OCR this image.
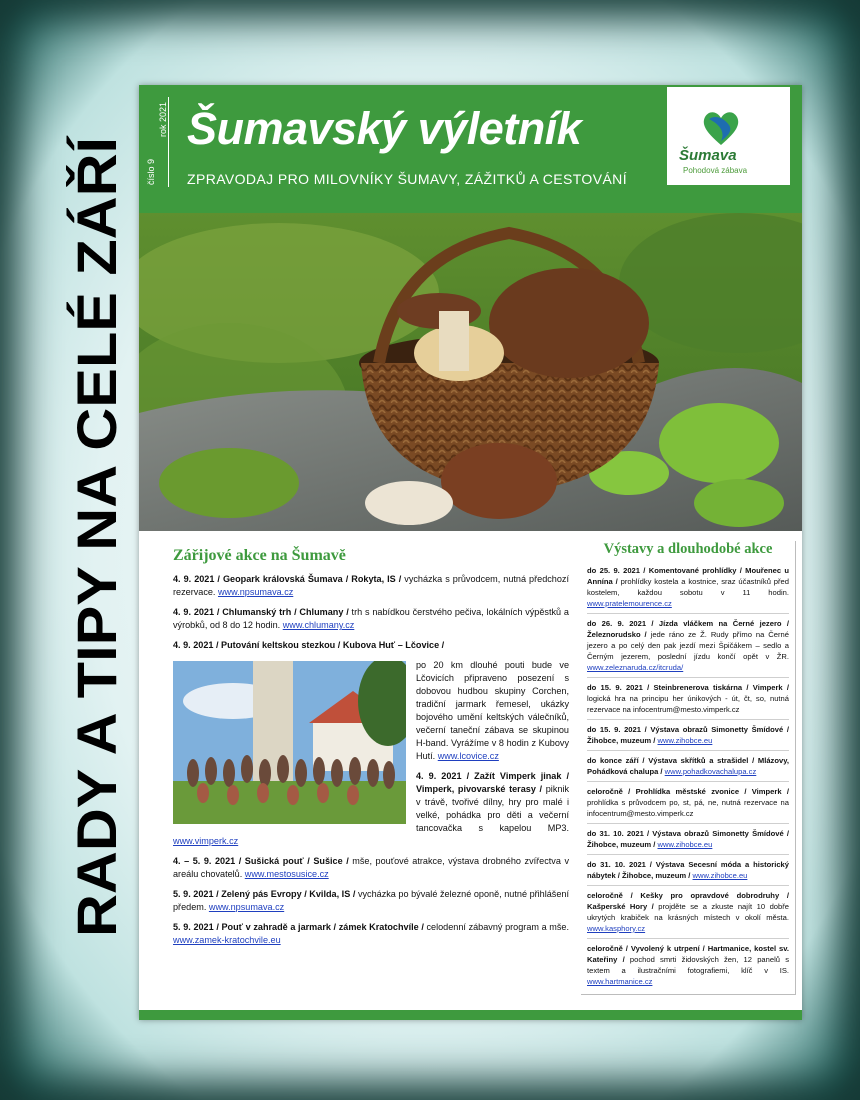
RADY A TIPY NA CELÉ ZÁŘÍ
číslo 9
rok 2021 Šumavský výletník
ZPRAVODAJ PRO MILOVNÍKY ŠUMAVY, ZÁŽITKŮ A CESTOVÁNÍ
Šumava
Pohodová zábava
Zářijové akce na Šumavě
4. 9. 2021 / Geopark královská Šumava / Rokyta, IS / vycházka s průvodcem, nutná předchozí rezervace. www.npsumava.cz
4. 9. 2021 / Chlumanský trh / Chlumany / trh s nabídkou čerstvého pečiva, lokálních výpěstků a výrobků, od 8 do 12 hodin. www.chlumany.cz
4. 9. 2021 / Putování keltskou stezkou / Kubova Huť – Lčovice /
po 20 km dlouhé pouti bude ve Lčovicích připraveno posezení s dobovou hudbou skupiny Corchen, tradiční jarmark řemesel, ukázky bojového umění keltských válečníků, večerní taneční zábava se skupinou H-band. Vyrážíme v 8 hodin z Kubovy Hutí. www.lcovice.cz
4. 9. 2021 / Zažít Vimperk jinak / Vimperk, pivovarské terasy / piknik v trávě, tvořivé dílny, hry pro malé i velké, pohádka pro děti a večerní tancovačka s kapelou MP3. www.vimperk.cz
4. – 5. 9. 2021 / Sušická pouť / Sušice / mše, pouťové atrakce, výstava drobného zvířectva v areálu chovatelů. www.mestosusice.cz
5. 9. 2021 / Zelený pás Evropy / Kvilda, IS / vycházka po bývalé železné oponě, nutné přihlášení předem. www.npsumava.cz
5. 9. 2021 / Pouť v zahradě a jarmark / zámek Kratochvíle / celodenní zábavný program a mše. www.zamek-kratochvile.eu
Výstavy a dlouhodobé akce
do 25. 9. 2021 / Komentované prohlídky / Mouřenec u Annína / prohlídky kostela a kostnice, sraz účastníků před kostelem, každou sobotu v 11 hodin. www.pratelemourence.cz
do 26. 9. 2021 / Jízda vláčkem na Černé jezero / Železnorudsko / jede ráno ze Ž. Rudy přímo na Černé jezero a po celý den pak jezdí mezi Špičákem – sedlo a Černým jezerem, poslední jízdu končí opět v ŽR. www.zeleznaruda.cz/itcruda/
do 15. 9. 2021 / Steinbrenerova tiskárna / Vimperk / logická hra na principu her únikových - út, čt, so, nutná rezervace na infocentrum@mesto.vimperk.cz
do 15. 9. 2021 / Výstava obrazů Simonetty Šmídové / Žihobce, muzeum / www.zihobce.eu
do konce září / Výstava skřítků a strašidel / Mlázovy, Pohádková chalupa / www.pohadkovachalupa.cz
celoročně / Prohlídka městské zvonice / Vimperk / prohlídka s průvodcem po, st, pá, ne, nutná rezervace na infocentrum@mesto.vimperk.cz
do 31. 10. 2021 / Výstava obrazů Simonetty Šmídové / Žihobce, muzeum / www.zihobce.eu
do 31. 10. 2021 / Výstava Secesní móda a historický nábytek / Žihobce, muzeum / www.zihobce.eu
celoročně / Kešky pro opravdové dobrodruhy / Kašperské Hory / projděte se a zkuste najít 10 dobře ukrytých krabiček na krásných místech v okolí města. www.kasphory.cz
celoročně / Vyvolený k utrpení / Hartmanice, kostel sv. Kateřiny / pochod smrti židovských žen, 12 panelů s textem a ilustračními fotografiemi, klíč v IS. www.hartmanice.cz
